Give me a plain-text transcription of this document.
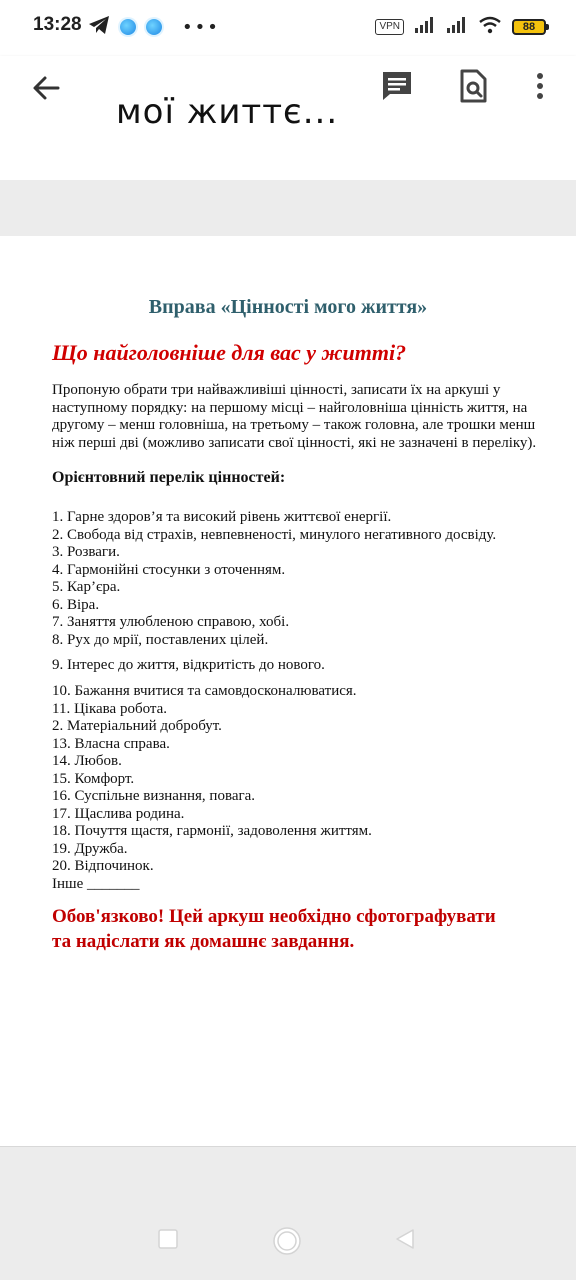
13:28	•••	VPN	88
мої життє...
Вправа «Цінності мого життя»
Що найголовніше для вас у житті?
Пропоную обрати три найважливіші цінності, записати їх на аркуші у
наступному порядку: на першому місці – найголовніша цінність життя, на
другому – менш головніша, на третьому – також головна, але трошки менш
ніж перші дві (можливо записати свої цінності, які не зазначені в переліку).
Орієнтовний перелік цінностей:
1. Гарне здоров’я та високий рівень життєвої енергії.
2. Свобода від страхів, невпевненості, минулого негативного досвіду.
3. Розваги.
4. Гармонійні стосунки з оточенням.
5. Кар’єра.
6. Віра.
7. Заняття улюбленою справою, хобі.
8. Рух до мрії, поставлених цілей.
9. Інтерес до життя, відкритість до нового.
10. Бажання вчитися та самовдосконалюватися.
11. Цікава робота.
2. Матеріальний добробут.
13. Власна справа.
14. Любов.
15. Комфорт.
16. Суспільне визнання, повага.
17. Щаслива родина.
18. Почуття щастя, гармонії, задоволення життям.
19. Дружба.
20. Відпочинок.
Інше _______
Обов'язково! Цей аркуш необхідно сфотографувати
та надіслати як домашнє завдання.
